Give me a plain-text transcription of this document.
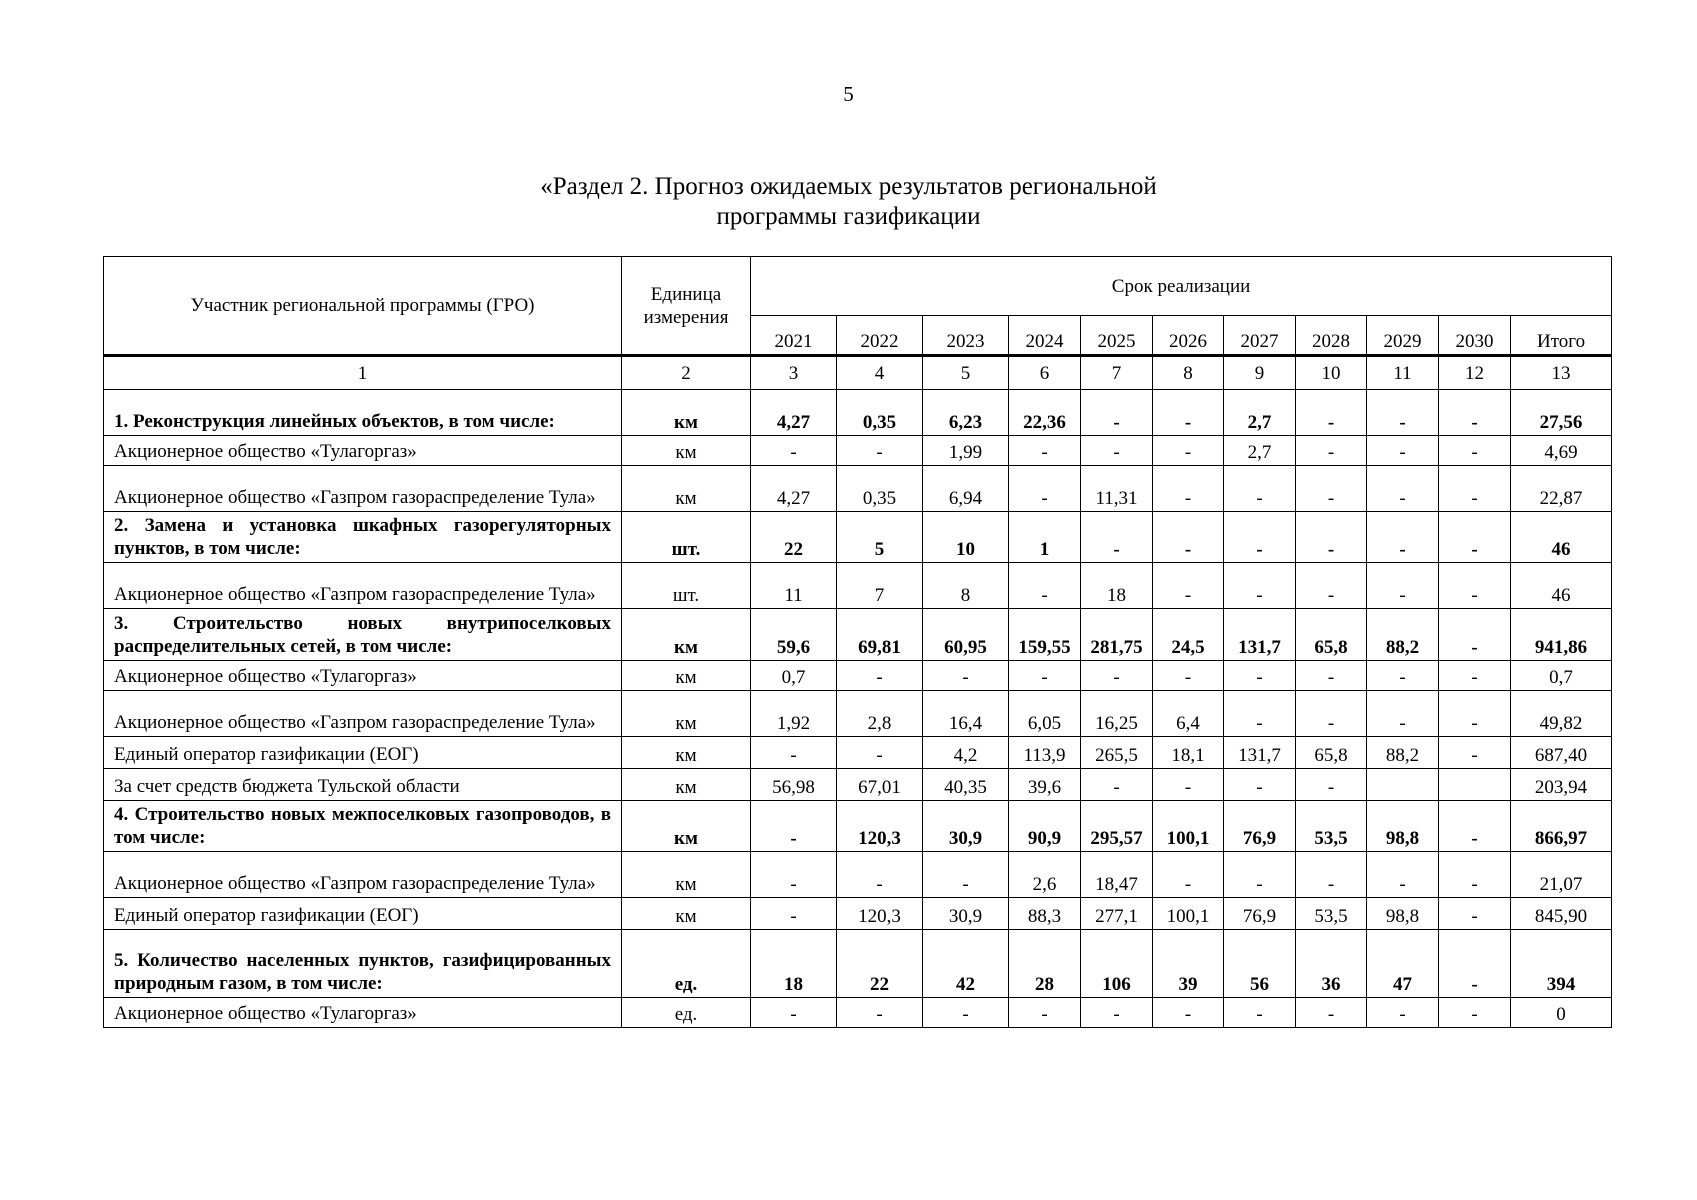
5
«Раздел 2. Прогноз ожидаемых результатов региональной
программы газификации
Участник региональной программы (ГРО)	Единица измерения	Срок реализации										
		2021	2022	2023	2024	2025	2026	2027	2028	2029	2030	Итого
1	2	3	4	5	6	7	8	9	10	11	12	13
1. Реконструкция линейных объектов, в том числе:	км	4,27	0,35	6,23	22,36	-	-	2,7	-	-	-	27,56
Акционерное общество «Тулагоргаз»	км	-	-	1,99	-	-	-	2,7	-	-	-	4,69
Акционерное общество «Газпром газораспределение Тула»	км	4,27	0,35	6,94	-	11,31	-	-	-	-	-	22,87
2. Замена и установка шкафных газорегуляторных пунктов, в том числе:	шт.	22	5	10	1	-	-	-	-	-	-	46
Акционерное общество «Газпром газораспределение Тула»	шт.	11	7	8	-	18	-	-	-	-	-	46
3. Строительство новых внутрипоселковых распределительных сетей, в том числе:	км	59,6	69,81	60,95	159,55	281,75	24,5	131,7	65,8	88,2	-	941,86
Акционерное общество «Тулагоргаз»	км	0,7	-	-	-	-	-	-	-	-	-	0,7
Акционерное общество «Газпром газораспределение Тула»	км	1,92	2,8	16,4	6,05	16,25	6,4	-	-	-	-	49,82
Единый оператор газификации (ЕОГ)	км	-	-	4,2	113,9	265,5	18,1	131,7	65,8	88,2	-	687,40
За счет средств бюджета Тульской области	км	56,98	67,01	40,35	39,6	-	-	-	-			203,94
4. Строительство новых межпоселковых газопроводов, в том числе:	км	-	120,3	30,9	90,9	295,57	100,1	76,9	53,5	98,8	-	866,97
Акционерное общество «Газпром газораспределение Тула»	км	-	-	-	2,6	18,47	-	-	-	-	-	21,07
Единый оператор газификации (ЕОГ)	км	-	120,3	30,9	88,3	277,1	100,1	76,9	53,5	98,8	-	845,90
5. Количество населенных пунктов, газифицированных природным газом, в том числе:	ед.	18	22	42	28	106	39	56	36	47	-	394
Акционерное общество «Тулагоргаз»	ед.	-	-	-	-	-	-	-	-	-	-	0
